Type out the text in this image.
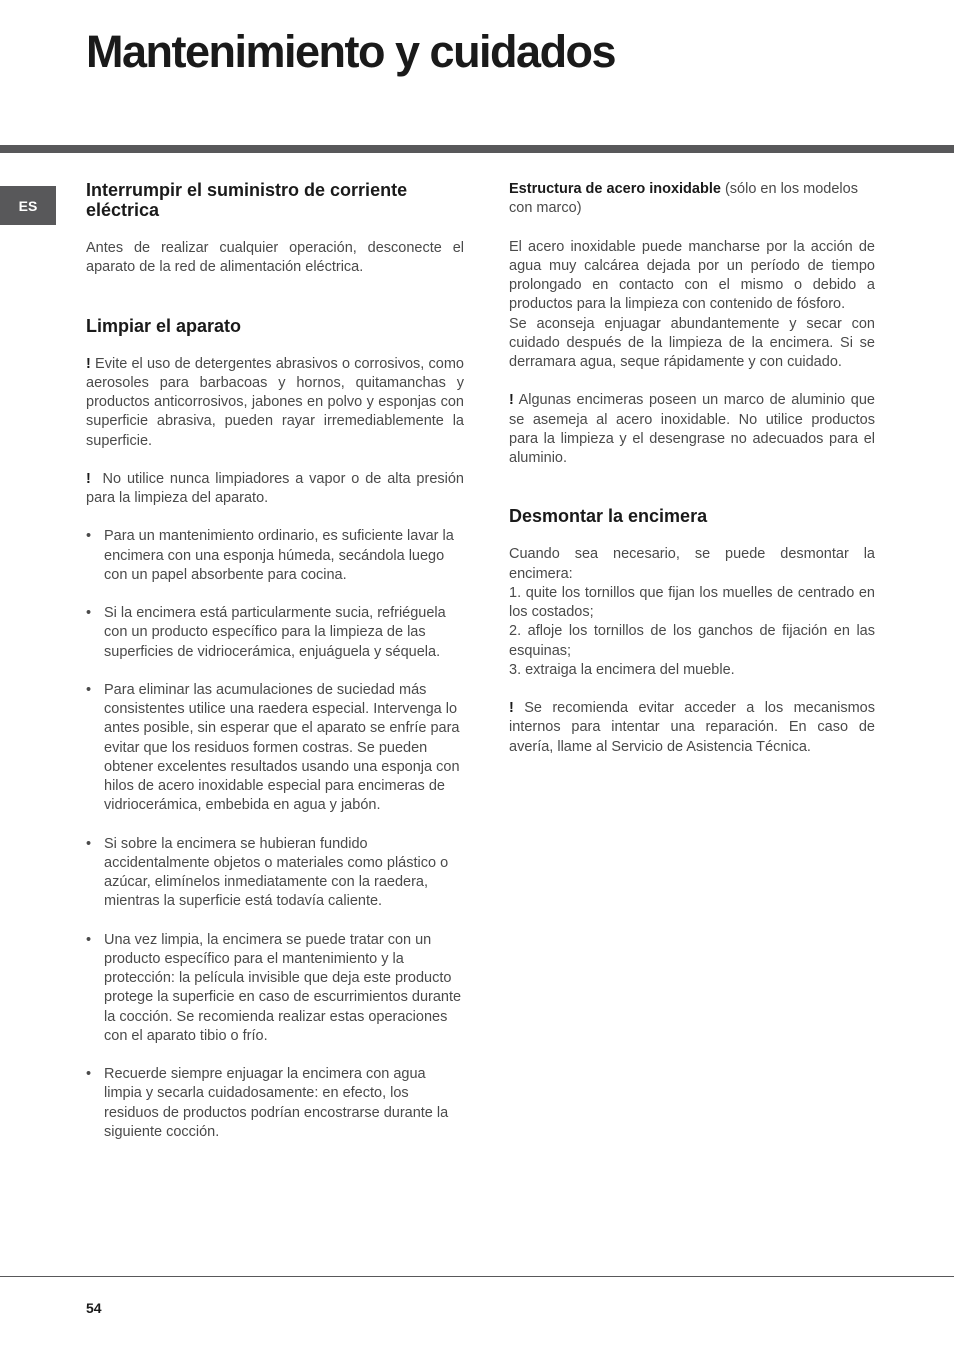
Mantenimiento y cuidados
ES
Interrumpir el suministro de corriente eléctrica

Antes de realizar cualquier operación, desconecte el aparato de la red de alimentación eléctrica.

Limpiar el aparato

! Evite el uso de detergentes abrasivos o corrosivos, como aerosoles para barbacoas y hornos, quitamanchas y productos anticorrosivos, jabones en polvo y esponjas con superficie abrasiva, pueden rayar irremediablemente la superficie.

!  No utilice nunca limpiadores a vapor o de alta presión para la limpieza del aparato.

• Para un mantenimiento ordinario, es suficiente lavar la encimera con una esponja húmeda, secándola luego con un papel absorbente para cocina.
• Si la encimera está particularmente sucia, refriéguela con un producto específico para la limpieza de las superficies de vidriocerámica, enjuáguela y séquela.
• Para eliminar las acumulaciones de suciedad más consistentes utilice una raedera especial. Intervenga lo antes posible, sin esperar que el aparato se enfríe para evitar que los residuos formen costras. Se pueden obtener excelentes resultados usando una esponja con hilos de acero inoxidable especial para encimeras de vidriocerámica, embebida en agua y jabón.
• Si sobre la encimera se hubieran fundido accidentalmente objetos o materiales como plástico o azúcar, elimínelos inmediatamente con la raedera, mientras la superficie está todavía caliente.
• Una vez limpia, la encimera se puede tratar con un producto específico para el mantenimiento y la protección: la película invisible que deja este producto protege la superficie en caso de escurrimientos durante la cocción. Se recomienda realizar estas operaciones con el aparato tibio o frío.
• Recuerde siempre enjuagar la encimera con agua limpia y secarla cuidadosamente: en efecto, los residuos de productos podrían encostrarse durante la siguiente cocción.

Estructura de acero inoxidable (sólo en los modelos con marco)

El acero inoxidable puede mancharse por la acción de agua muy calcárea dejada por un período de tiempo prolongado en contacto con el mismo o debido a productos para la limpieza con contenido de fósforo.

Se aconseja enjuagar abundantemente y secar con cuidado después de la limpieza de la encimera. Si se derramara agua, seque rápidamente y con cuidado.

! Algunas encimeras poseen un marco de aluminio que se asemeja al acero inoxidable. No utilice productos para la limpieza y el desengrase no adecuados para el aluminio.

Desmontar la encimera

Cuando sea necesario, se puede desmontar la encimera:

1. quite los tornillos que fijan los muelles de centrado en los costados;

2. afloje los tornillos de los ganchos de fijación en las esquinas;

3. extraiga la encimera del mueble.

! Se recomienda evitar acceder a los mecanismos internos para intentar una reparación. En caso de avería, llame al Servicio de Asistencia Técnica.

54
